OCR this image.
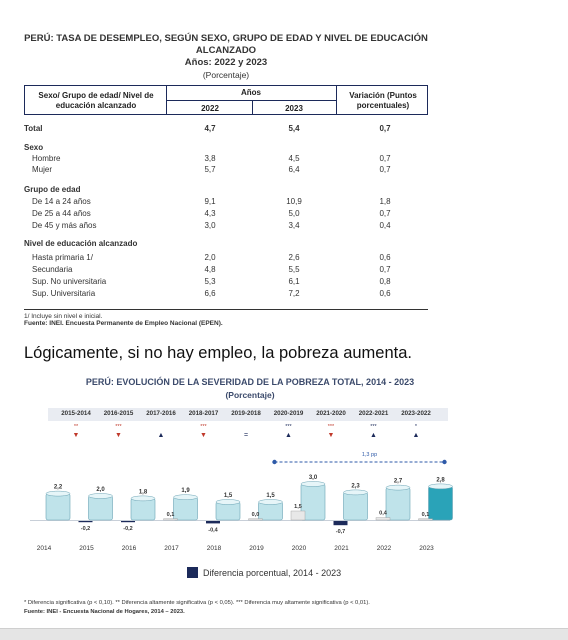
PERÚ: TASA DE DESEMPLEO, SEGÚN SEXO, GRUPO DE EDAD Y NIVEL DE EDUCACIÓN
ALCANZADO
Años: 2022 y 2023
(Porcentaje)
Sexo/ Grupo de edad/ Nivel de educación alcanzado
Años
2022	2023
Variación (Puntos porcentuales)
Total	4,7	5,4	0,7
Sexo
Hombre	3,8	4,5	0,7
Mujer	5,7	6,4	0,7
Grupo de edad
De 14 a 24 años	9,1	10,9	1,8
De 25 a 44 años	4,3	5,0	0,7
De 45 y más años	3,0	3,4	0,4
Nivel de educación alcanzado
Hasta primaria 1/	2,0	2,6	0,6
Secundaria	4,8	5,5	0,7
Sup. No universitaria	5,3	6,1	0,8
Sup. Universitaria	6,6	7,2	0,6
1/ Incluye sin nivel e inicial.
Fuente: INEI. Encuesta Permanente de Empleo Nacional (EPEN).
Lógicamente, si no hay empleo, la pobreza aumenta.
PERÚ: EVOLUCIÓN DE LA SEVERIDAD DE LA POBREZA TOTAL, 2014 - 2023
(Porcentaje)
2015-2014
**
▼
2016-2015
***
▼
2017-2016
▲
2018-2017
***
▼
2019-2018
=
2020-2019
***
▲
2021-2020
***
▼
2022-2021
***
▲
2023-2022
*
▲
1,3 pp
2,2
2014
2,0
2015
-0,2
1,8
2016
-0,2
1,9
2017
0,1
1,5
2018
-0,4
1,5
2019
0,0
3,0
2020
1,5
2,3
2021
-0,7
2,7
2022
0,4
2,8
2023
0,1
Diferencia porcentual, 2014 - 2023
* Diferencia significativa (p < 0,10). ** Diferencia altamente significativa (p < 0,05). *** Diferencia muy altamente significativa (p < 0,01).
Fuente: INEI - Encuesta Nacional de Hogares, 2014 – 2023.
